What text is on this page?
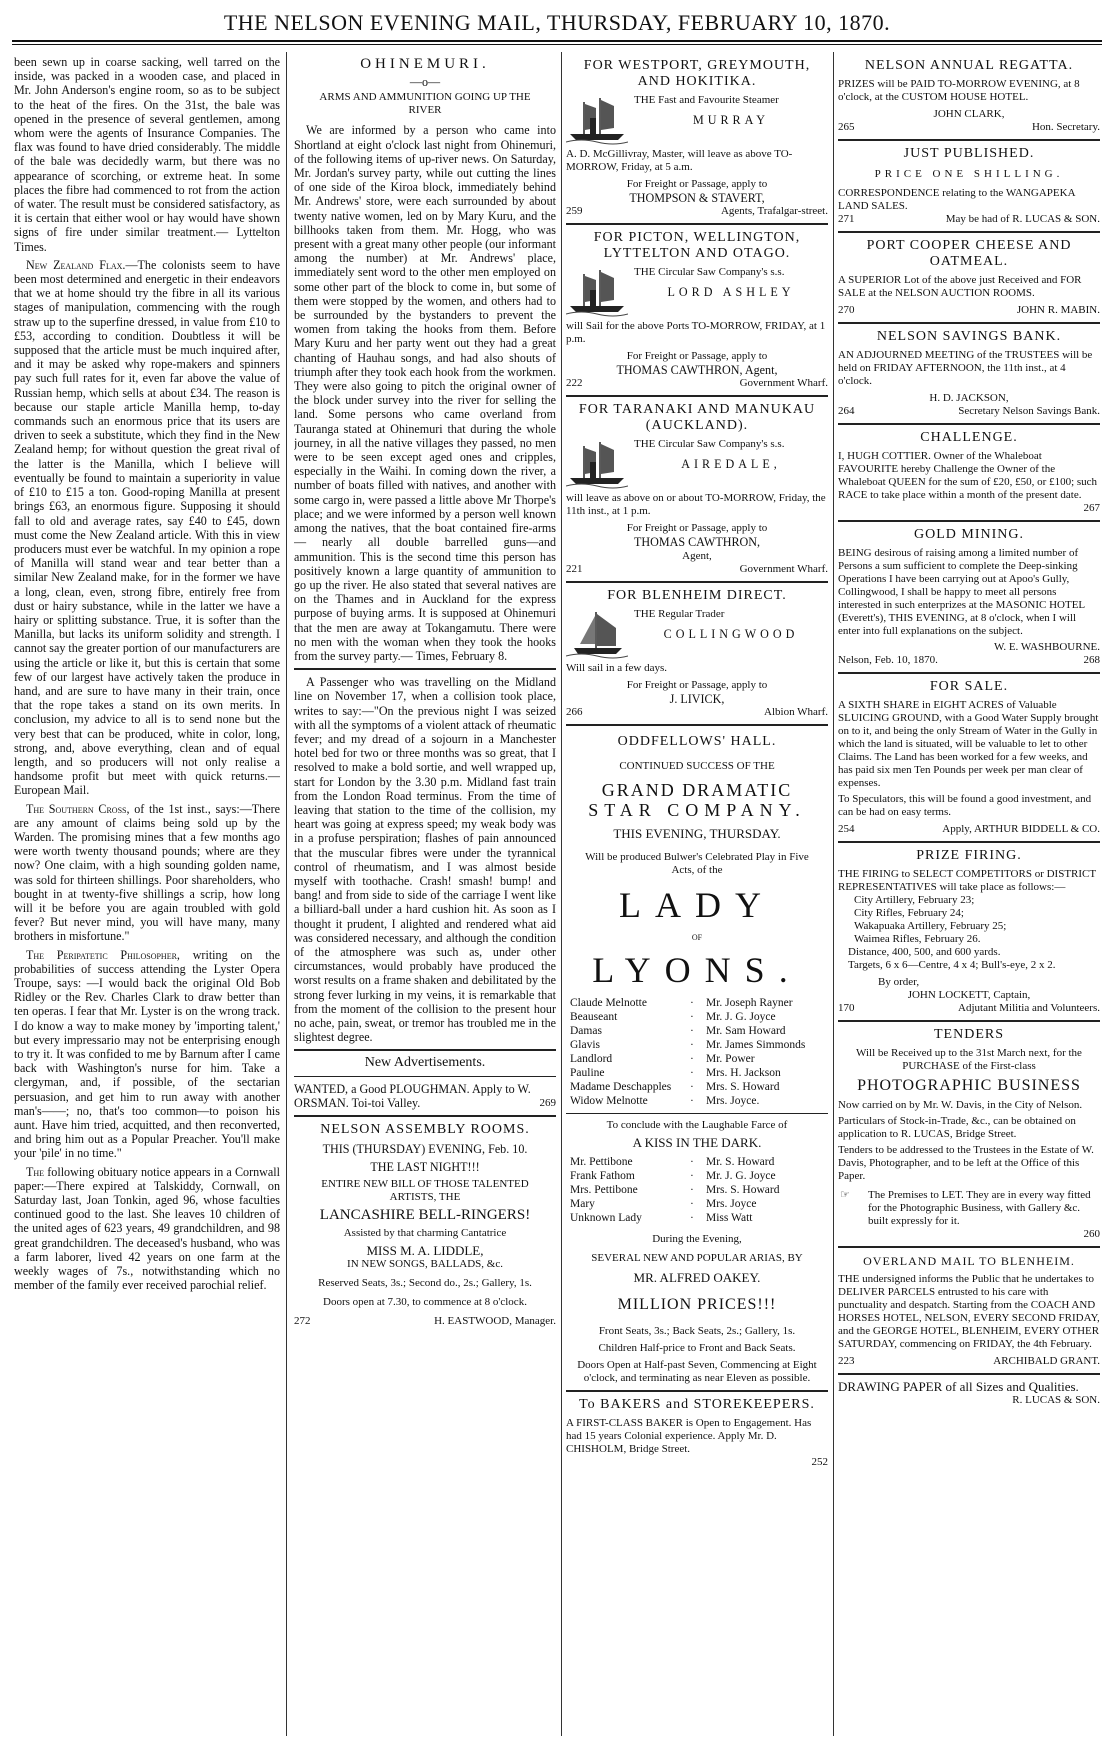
THE NELSON EVENING MAIL, THURSDAY, FEBRUARY 10, 1870.

been sewn up in coarse sacking, well tarred on the inside, was packed in a wooden case, and placed in Mr. John Anderson's engine room, so as to be subject to the heat of the fires. On the 31st, the bale was opened in the presence of several gentlemen, among whom were the agents of Insurance Companies. The flax was found to have dried considerably. The middle of the bale was decidedly warm, but there was no appearance of scorching, or extreme heat. In some places the fibre had commenced to rot from the action of water. The result must be considered satisfactory, as it is certain that either wool or hay would have shown signs of fire under similar treatment.— Lyttelton Times.

New Zealand Flax.—The colonists seem to have been most determined and energetic in their endeavors that we at home should try the fibre in all its various stages of manipulation, commencing with the rough straw up to the superfine dressed, in value from £10 to £53, according to condition. Doubtless it will be supposed that the article must be much inquired after, and it may be asked why rope-makers and spinners pay such full rates for it, even far above the value of Russian hemp, which sells at about £34. The reason is because our staple article Manilla hemp, to-day commands such an enormous price that its users are driven to seek a substitute, which they find in the New Zealand hemp; for without question the great rival of the latter is the Manilla, which I believe will eventually be found to maintain a superiority in value of £10 to £15 a ton. Good-roping Manilla at present brings £63, an enormous figure. Supposing it should fall to old and average rates, say £40 to £45, down must come the New Zealand article. With this in view producers must ever be watchful. In my opinion a rope of Manilla will stand wear and tear better than a similar New Zealand make, for in the former we have a long, clean, even, strong fibre, entirely free from dust or hairy substance, while in the latter we have a hairy or splitting substance. True, it is softer than the Manilla, but lacks its uniform solidity and strength. I cannot say the greater portion of our manufacturers are using the article or like it, but this is certain that some few of our largest have actively taken the produce in hand, and are sure to have many in their train, once that the rope takes a stand on its own merits. In conclusion, my advice to all is to send none but the very best that can be produced, white in color, long, strong, and, above everything, clean and of equal length, and so producers will not only realise a handsome profit but meet with quick returns.— European Mail.

The Southern Cross, of the 1st inst., says:—There are any amount of claims being sold up by the Warden. The promising mines that a few months ago were worth twenty thousand pounds; where are they now? One claim, with a high sounding golden name, was sold for thirteen shillings. Poor shareholders, who bought in at twenty-five shillings a scrip, how long will it be before you are again troubled with gold fever? But never mind, you will have many, many brothers in misfortune."

The Peripatetic Philosopher, writing on the probabilities of success attending the Lyster Opera Troupe, says: —I would back the original Old Bob Ridley or the Rev. Charles Clark to draw better than ten operas. I fear that Mr. Lyster is on the wrong track. I do know a way to make money by 'importing talent,' but every impressario may not be enterprising enough to try it. It was confided to me by Barnum after I came back with Washington's nurse for him. Take a clergyman, and, if possible, of the sectarian persuasion, and get him to run away with another man's——; no, that's too common—to poison his aunt. Have him tried, acquitted, and then reconverted, and bring him out as a Popular Preacher. You'll make your 'pile' in no time."

The following obituary notice appears in a Cornwall paper:—There expired at Talskiddy, Cornwall, on Saturday last, Joan Tonkin, aged 96, whose faculties continued good to the last. She leaves 10 children of the united ages of 623 years, 49 grandchildren, and 98 great grandchildren. The deceased's husband, who was a farm laborer, lived 42 years on one farm at the weekly wages of 7s., notwithstanding which no member of the family ever received parochial relief.

OHINEMURI.
—o—
ARMS AND AMMUNITION GOING UP THE RIVER

We are informed by a person who came into Shortland at eight o'clock last night from Ohinemuri, of the following items of up-river news. On Saturday, Mr. Jordan's survey party, while out cutting the lines of one side of the Kiroa block, immediately behind Mr. Andrews' store, were each surrounded by about twenty native women, led on by Mary Kuru, and the billhooks taken from them. Mr. Hogg, who was present with a great many other people (our informant among the number) at Mr. Andrews' place, immediately sent word to the other men employed on some other part of the block to come in, but some of them were stopped by the women, and others had to be surrounded by the bystanders to prevent the women from taking the hooks from them. Before Mary Kuru and her party went out they had a great chanting of Hauhau songs, and had also shouts of triumph after they took each hook from the workmen. They were also going to pitch the original owner of the block under survey into the river for selling the land. Some persons who came overland from Tauranga stated at Ohinemuri that during the whole journey, in all the native villages they passed, no men were to be seen except aged ones and cripples, especially in the Waihi. In coming down the river, a number of boats filled with natives, and another with some cargo in, were passed a little above Mr Thorpe's place; and we were informed by a person well known among the natives, that the boat contained fire-arms — nearly all double barrelled guns—and ammunition. This is the second time this person has positively known a large quantity of ammunition to go up the river. He also stated that several natives are on the Thames and in Auckland for the express purpose of buying arms. It is supposed at Ohinemuri that the men are away at Tokangamutu. There were no men with the woman when they took the hooks from the survey party.— Times, February 8.

A Passenger who was travelling on the Midland line on November 17, when a collision took place, writes to say:—"On the previous night I was seized with all the symptoms of a violent attack of rheumatic fever; and my dread of a sojourn in a Manchester hotel bed for two or three months was so great, that I resolved to make a bold sortie, and well wrapped up, start for London by the 3.30 p.m. Midland fast train from the London Road terminus. From the time of leaving that station to the time of the collision, my heart was going at express speed; my weak body was in a profuse perspiration; flashes of pain announced that the muscular fibres were under the tyrannical control of rheumatism, and I was almost beside myself with toothache. Crash! smash! bump! and bang! and from side to side of the carriage I went like a billiard-ball under a hard cushion hit. As soon as I thought it prudent, I alighted and rendered what aid was considered necessary, and although the condition of the atmosphere was such as, under other circumstances, would probably have produced the worst results on a frame shaken and debilitated by the strong fever lurking in my veins, it is remarkable that from the moment of the collision to the present hour no ache, pain, sweat, or tremor has troubled me in the slightest degree.

New Advertisements.
WANTED, a Good PLOUGHMAN. Apply to W. ORSMAN. Toi-toi Valley.	269
NELSON ASSEMBLY ROOMS.
THIS (THURSDAY) EVENING, Feb. 10.
THE LAST NIGHT!!!
ENTIRE NEW BILL OF THOSE TALENTED ARTISTS, THE
LANCASHIRE BELL-RINGERS!
Assisted by that charming Cantatrice
MISS M. A. LIDDLE,
IN NEW SONGS, BALLADS, &c.
Reserved Seats, 3s.; Second do., 2s.; Gallery, 1s.
Doors open at 7.30, to commence at 8 o'clock.
272	H. EASTWOOD, Manager.
FOR WESTPORT, GREYMOUTH, AND HOKITIKA.
THE Fast and Favourite Steamer
MURRAY
A. D. McGillivray, Master, will leave as above TO-MORROW, Friday, at 5 a.m.
For Freight or Passage, apply to
THOMPSON & STAVERT,
259	Agents, Trafalgar-street.
FOR PICTON, WELLINGTON, LYTTELTON AND OTAGO.
THE Circular Saw Company's s.s.
LORD ASHLEY
will Sail for the above Ports TO-MORROW, FRIDAY, at 1 p.m.
For Freight or Passage, apply to
THOMAS CAWTHRON, Agent,
222	Government Wharf.
FOR TARANAKI AND MANUKAU (AUCKLAND).
THE Circular Saw Company's s.s.
AIREDALE,
will leave as above on or about TO-MORROW, Friday, the 11th inst., at 1 p.m.
For Freight or Passage, apply to
THOMAS CAWTHRON,
Agent,
221	Government Wharf.
FOR BLENHEIM DIRECT.
THE Regular Trader
COLLINGWOOD
Will sail in a few days.
For Freight or Passage, apply to
J. LIVICK,
266	Albion Wharf.
ODDFELLOWS' HALL.
CONTINUED SUCCESS OF THE
GRAND DRAMATIC
STAR COMPANY.
THIS EVENING, THURSDAY.
Will be produced Bulwer's Celebrated Play in Five Acts, of the
LADY
OF
LYONS.
Claude Melnotte	·	Mr. Joseph Rayner
Beauseant	·	Mr. J. G. Joyce
Damas	·	Mr. Sam Howard
Glavis	·	Mr. James Simmonds
Landlord	·	Mr. Power
Pauline	·	Mrs. H. Jackson
Madame Deschapples	·	Mrs. S. Howard
Widow Melnotte	·	Mrs. Joyce.
To conclude with the Laughable Farce of
A KISS IN THE DARK.
Mr. Pettibone	·	Mr. S. Howard
Frank Fathom	·	Mr. J. G. Joyce
Mrs. Pettibone	·	Mrs. S. Howard
Mary	·	Mrs. Joyce
Unknown Lady	·	Miss Watt
During the Evening,
SEVERAL NEW AND POPULAR ARIAS, BY
MR. ALFRED OAKEY.
MILLION PRICES!!!
Front Seats, 3s.; Back Seats, 2s.; Gallery, 1s.
Children Half-price to Front and Back Seats.
Doors Open at Half-past Seven, Commencing at Eight o'clock, and terminating as near Eleven as possible.
To BAKERS and STOREKEEPERS.
A FIRST-CLASS BAKER is Open to Engagement. Has had 15 years Colonial experience. Apply Mr. D. CHISHOLM, Bridge Street.
252
NELSON ANNUAL REGATTA.
PRIZES will be PAID TO-MORROW EVENING, at 8 o'clock, at the CUSTOM HOUSE HOTEL.
JOHN CLARK,
265	Hon. Secretary.
JUST PUBLISHED.
PRICE ONE SHILLING.
CORRESPONDENCE relating to the WANGAPEKA LAND SALES.
271	May be had of R. LUCAS & SON.
PORT COOPER CHEESE AND OATMEAL.
A SUPERIOR Lot of the above just Received and FOR SALE at the NELSON AUCTION ROOMS.
270	JOHN R. MABIN.
NELSON SAVINGS BANK.
AN ADJOURNED MEETING of the TRUSTEES will be held on FRIDAY AFTERNOON, the 11th inst., at 4 o'clock.
H. D. JACKSON,
264	Secretary Nelson Savings Bank.
CHALLENGE.
I, HUGH COTTIER. Owner of the Whaleboat FAVOURITE hereby Challenge the Owner of the Whaleboat QUEEN for the sum of £20, £50, or £100; such RACE to take place within a month of the present date.
267
GOLD MINING.
BEING desirous of raising among a limited number of Persons a sum sufficient to complete the Deep-sinking Operations I have been carrying out at Apoo's Gully, Collingwood, I shall be happy to meet all persons interested in such enterprizes at the MASONIC HOTEL (Everett's), THIS EVENING, at 8 o'clock, when I will enter into full explanations on the subject.
W. E. WASHBOURNE.
Nelson, Feb. 10, 1870.	268
FOR SALE.
A SIXTH SHARE in EIGHT ACRES of Valuable SLUICING GROUND, with a Good Water Supply brought on to it, and being the only Stream of Water in the Gully in which the land is situated, will be valuable to let to other Claims. The Land has been worked for a few weeks, and has paid six men Ten Pounds per week per man clear of expenses.
To Speculators, this will be found a good investment, and can be had on easy terms.
254	Apply, ARTHUR BIDDELL & CO.
PRIZE FIRING.
THE FIRING to SELECT COMPETITORS or DISTRICT REPRESENTATIVES will take place as follows:—
City Artillery, February 23;
City Rifles, February 24;
Wakapuaka Artillery, February 25;
Waimea Rifles, February 26.
Distance, 400, 500, and 600 yards.
Targets, 6 x 6—Centre, 4 x 4; Bull's-eye, 2 x 2.
By order,
JOHN LOCKETT, Captain,
170	Adjutant Militia and Volunteers.
TENDERS
Will be Received up to the 31st March next, for the PURCHASE of the First-class
PHOTOGRAPHIC BUSINESS
Now carried on by Mr. W. Davis, in the City of Nelson.
Particulars of Stock-in-Trade, &c., can be obtained on application to R. LUCAS, Bridge Street.
Tenders to be addressed to the Trustees in the Estate of W. Davis, Photographer, and to be left at the Office of this Paper.
☞ The Premises to LET. They are in every way fitted for the Photographic Business, with Gallery &c. built expressly for it.
260
OVERLAND MAIL TO BLENHEIM.
THE undersigned informs the Public that he undertakes to DELIVER PARCELS entrusted to his care with punctuality and despatch. Starting from the COACH AND HORSES HOTEL, NELSON, EVERY SECOND FRIDAY, and the GEORGE HOTEL, BLENHEIM, EVERY OTHER SATURDAY, commencing on FRIDAY, the 4th February.
223	ARCHIBALD GRANT.
DRAWING PAPER of all Sizes and Qualities.
R. LUCAS & SON.
